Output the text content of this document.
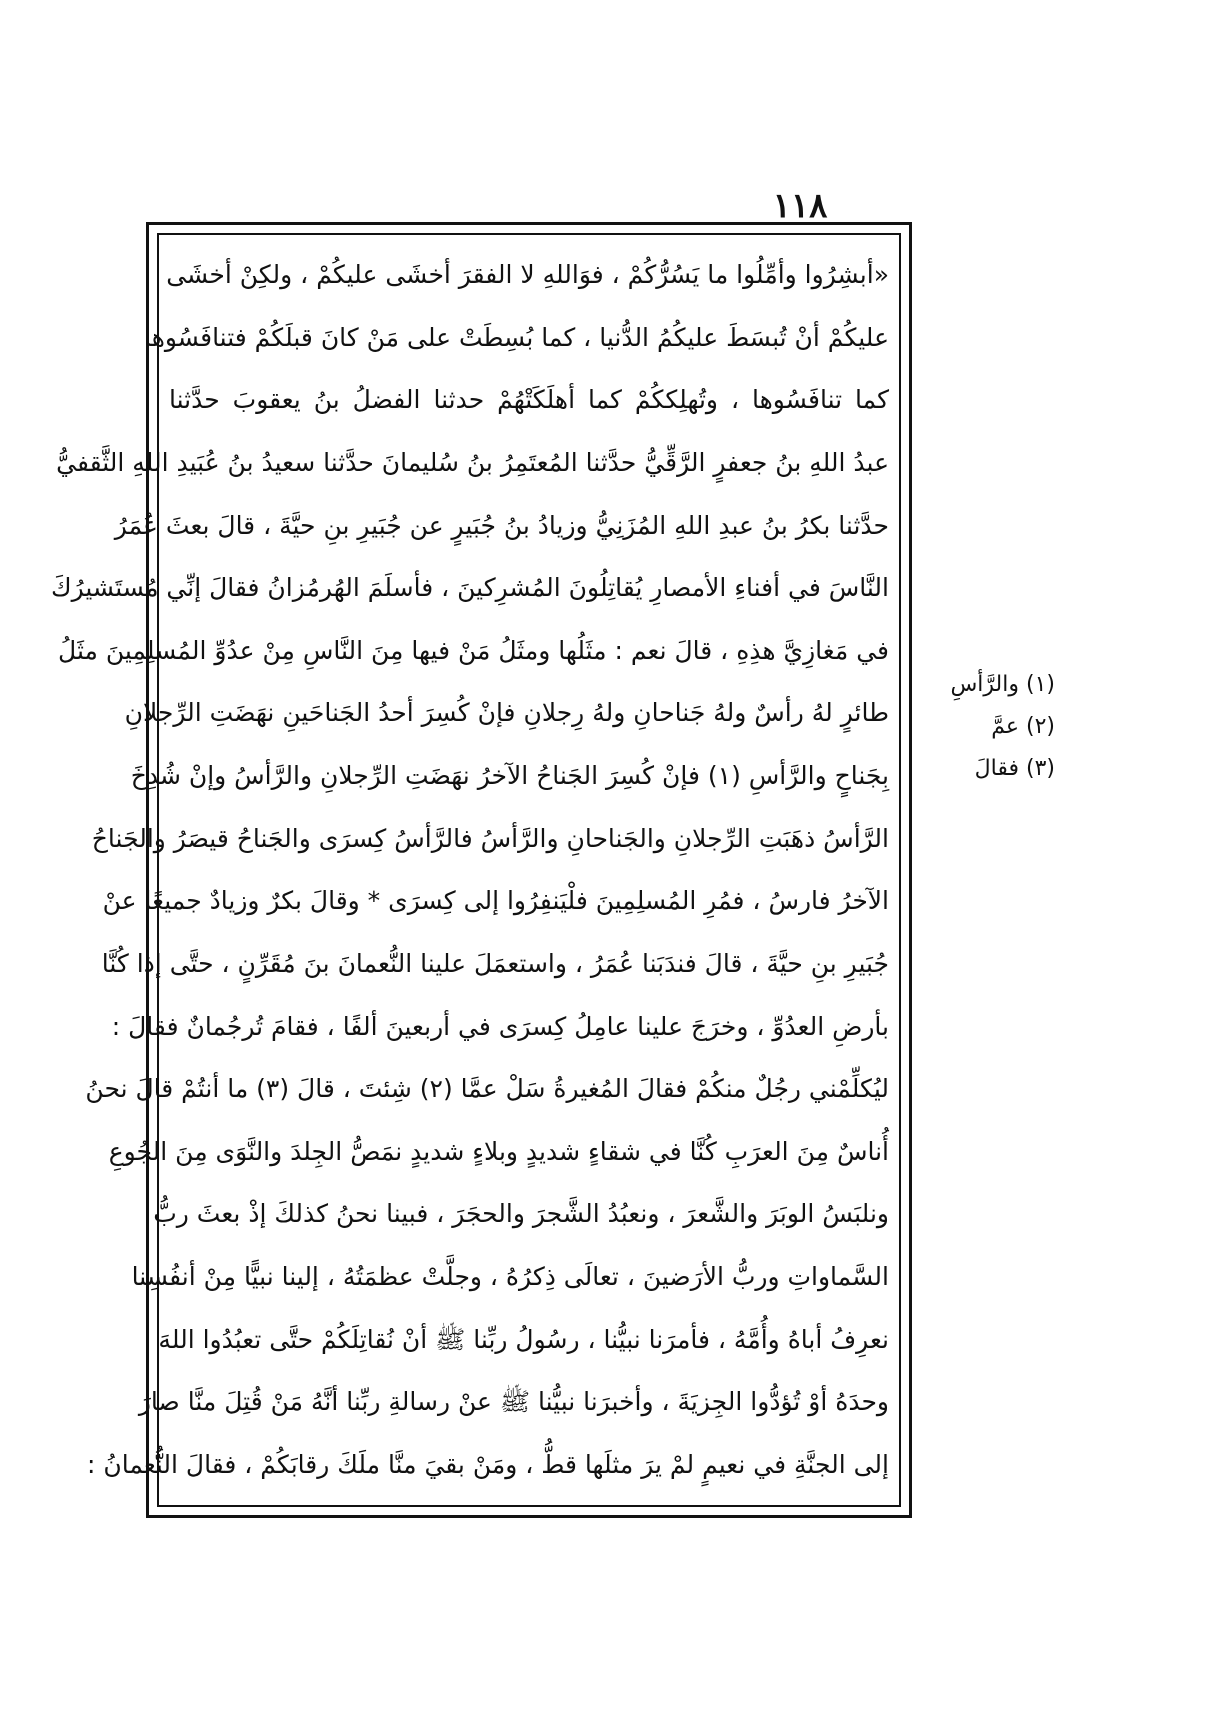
١١٨
«أبشِرُوا وأمِّلُوا ما يَسُرُّكُمْ ، فوَاللهِ لا الفقرَ أخشَى عليكُمْ ، ولكِنْ أخشَى
عليكُمْ أنْ تُبسَطَ عليكُمُ الدُّنيا ، كما بُسِطَتْ على مَنْ كانَ قبلَكُمْ فتنافَسُوها
كما تنافَسُوها ، وتُهلِككُمْ كما أهلَكَتْهُمْ حدثنا الفضلُ بنُ يعقوبَ حدَّثنا
عبدُ اللهِ بنُ جعفرٍ الرَّقِّيُّ حدَّثنا المُعتَمِرُ بنُ سُليمانَ حدَّثنا سعيدُ بنُ عُبَيدِ اللهِ الثَّقفيُّ
حدَّثنا بكرُ بنُ عبدِ اللهِ المُزَنِيُّ وزيادُ بنُ جُبَيرٍ عن جُبَيرِ بنِ حيَّةَ ، قالَ بعثَ عُمَرُ
النَّاسَ في أفناءِ الأمصارِ يُقاتِلُونَ المُشرِكينَ ، فأسلَمَ الهُرمُزانُ فقالَ إنِّي مُستَشيرُكَ
في مَغازِيَّ هذِهِ ، قالَ نعم : مثَلُها ومثَلُ مَنْ فيها مِنَ النَّاسِ مِنْ عدُوِّ المُسلِمِينَ مثَلُ
طائرٍ لهُ رأسٌ ولهُ جَناحانِ ولهُ رِجلانِ فإنْ كُسِرَ أحدُ الجَناحَينِ نهَضَتِ الرِّجلانِ
بِجَناحٍ والرَّأسِ (١) فإنْ كُسِرَ الجَناحُ الآخرُ نهَضَتِ الرِّجلانِ والرَّأسُ وإنْ شُدِخَ
الرَّأسُ ذهَبَتِ الرِّجلانِ والجَناحانِ والرَّأسُ فالرَّأسُ كِسرَى والجَناحُ قيصَرُ والجَناحُ
الآخرُ فارسُ ، فمُرِ المُسلِمِينَ فلْيَنفِرُوا إلى كِسرَى * وقالَ بكرٌ وزيادٌ جميعًا عنْ
جُبَيرِ بنِ حيَّةَ ، قالَ فندَبَنا عُمَرُ ، واستعمَلَ علينا النُّعمانَ بنَ مُقَرِّنٍ ، حتَّى إذا كُنَّا
بأرضِ العدُوِّ ، وخرَجَ علينا عامِلُ كِسرَى في أربعينَ ألفًا ، فقامَ تُرجُمانٌ فقالَ :
ليُكلِّمْني رجُلٌ منكُمْ فقالَ المُغيرةُ سَلْ عمَّا (٢) شِئتَ ، قالَ (٣) ما أنتُمْ قالَ نحنُ
أُناسٌ مِنَ العرَبِ كُنَّا في شقاءٍ شديدٍ وبلاءٍ شديدٍ نمَصُّ الجِلدَ والنَّوَى مِنَ الجُوعِ
ونلبَسُ الوبَرَ والشَّعرَ ، ونعبُدُ الشَّجرَ والحجَرَ ، فبينا نحنُ كذلكَ إذْ بعثَ ربُّ
السَّماواتِ وربُّ الأرَضينَ ، تعالَى ذِكرُهُ ، وجلَّتْ عظمَتُهُ ، إلينا نبيًّا مِنْ أنفُسِنا
نعرِفُ أباهُ وأُمَّهُ ، فأمرَنا نبيُّنا ، رسُولُ ربِّنا ﷺ أنْ نُقاتِلَكُمْ حتَّى تعبُدُوا اللهَ
وحدَهُ أوْ تُؤدُّوا الجِزيَةَ ، وأخبرَنا نبيُّنا ﷺ عنْ رسالةِ ربِّنا أنَّهُ مَنْ قُتِلَ منَّا صارَ
إلى الجنَّةِ في نعيمٍ لمْ يرَ مثلَها قطُّ ، ومَنْ بقيَ منَّا ملَكَ رقابَكُمْ ، فقالَ النُّعمانُ :
(١) والرَّأسِ
(٢) عمَّ
(٣) فقالَ
